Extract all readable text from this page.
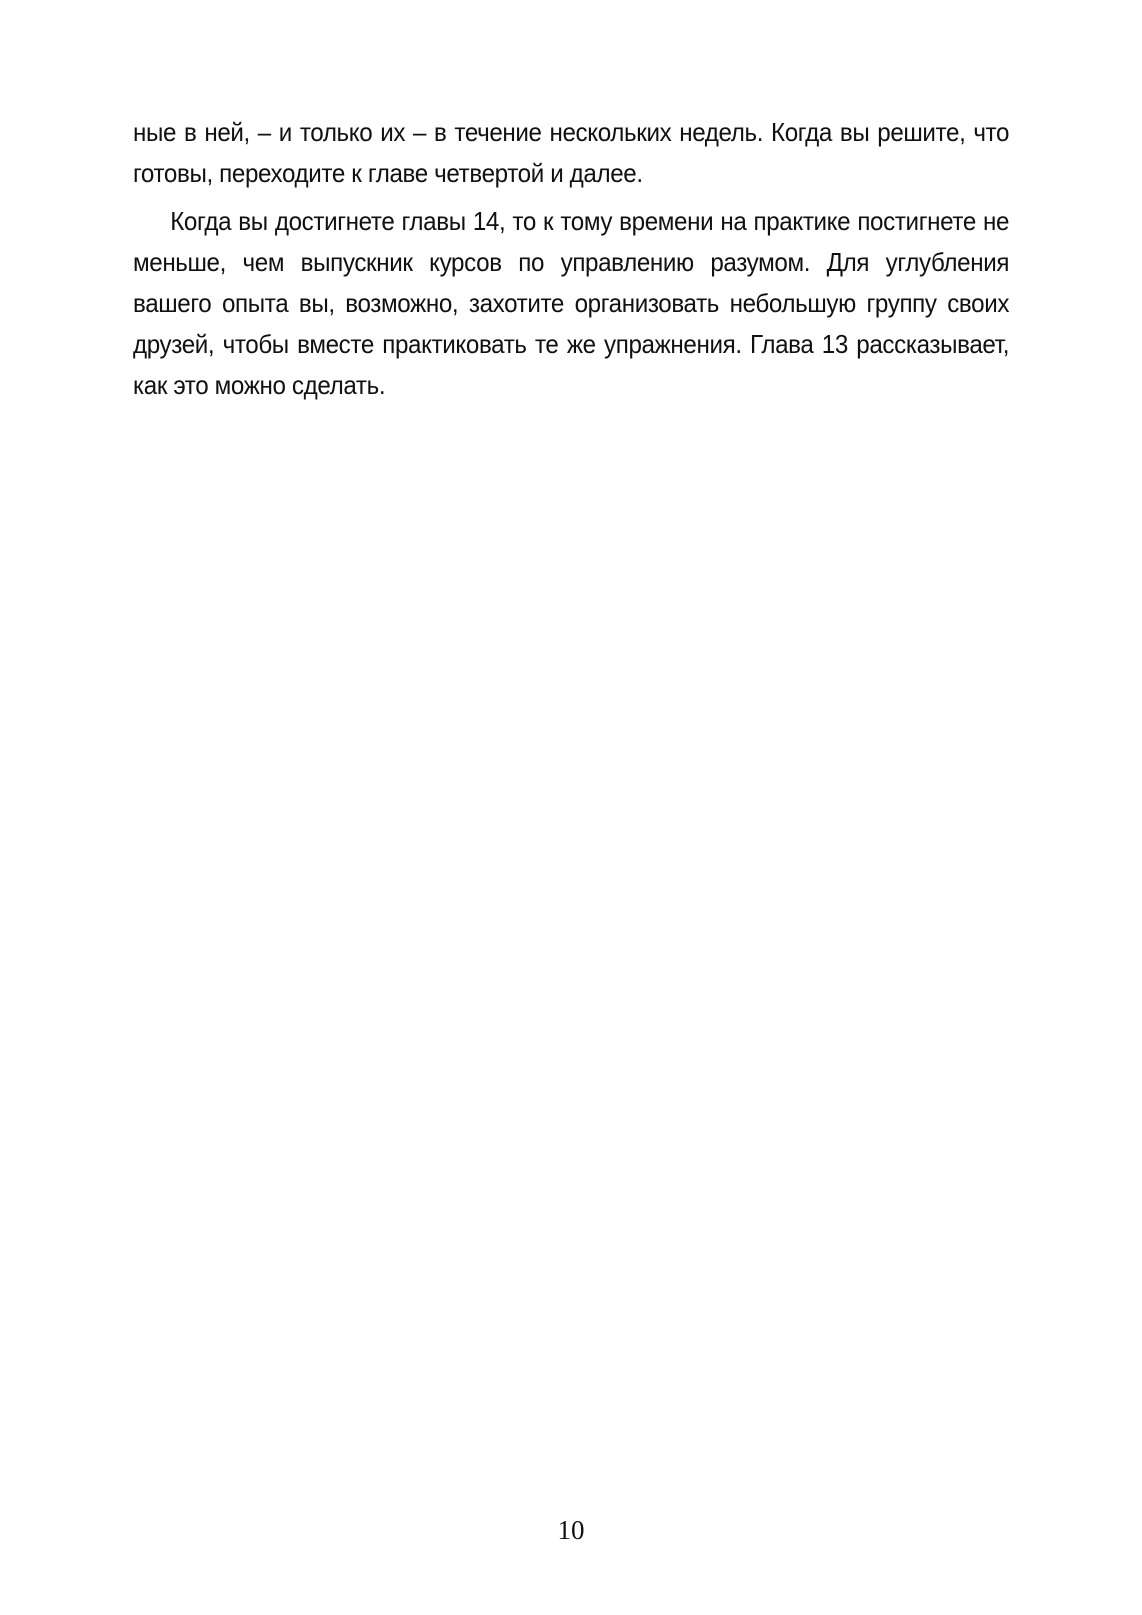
ные в ней, – и только их – в течение нескольких недель. Когда вы решите, что готовы, переходите к главе четвертой и далее.

Когда вы достигнете главы 14, то к тому времени на практике постигнете не меньше, чем выпускник курсов по управлению разумом. Для углубления вашего опыта вы, возможно, захотите организовать небольшую группу своих друзей, чтобы вместе практиковать те же упражнения. Глава 13 рассказывает, как это можно сделать.

10
